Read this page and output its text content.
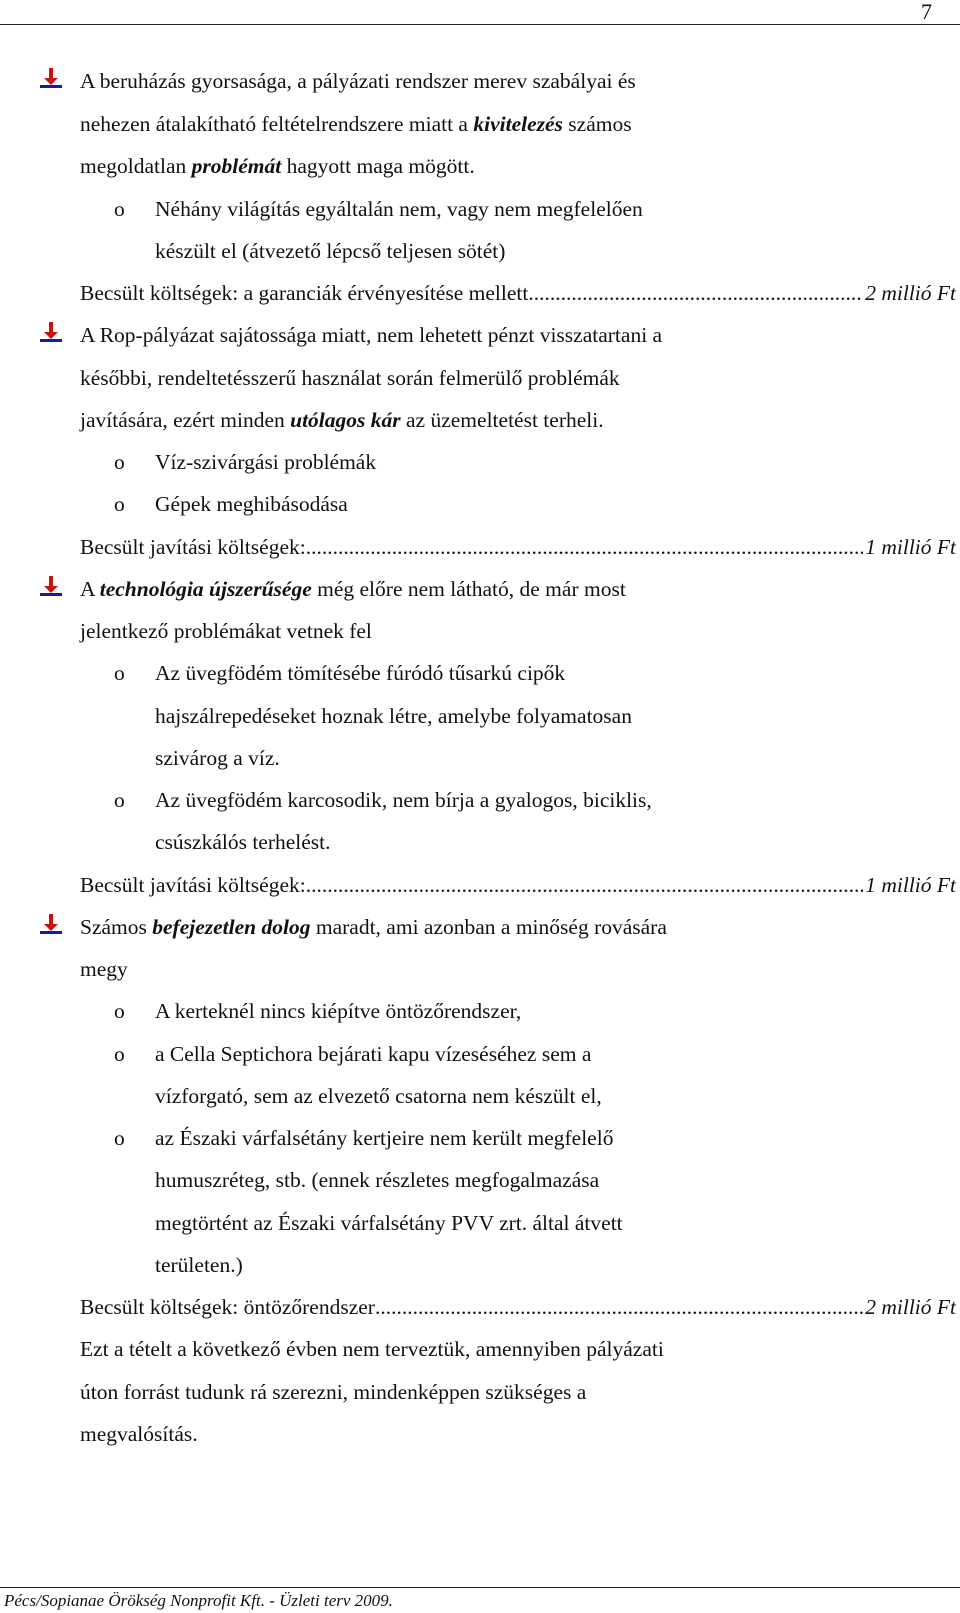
7
A beruházás gyorsasága, a pályázati rendszer merev szabályai és
nehezen átalakítható feltételrendszere miatt a kivitelezés számos
megoldatlan problémát hagyott maga mögött.
o Néhány világítás egyáltalán nem, vagy nem megfelelően
készült el (átvezető lépcső teljesen sötét)
Becsült költségek: a garanciák érvényesítése mellett .....	2 millió Ft
A Rop-pályázat sajátossága miatt, nem lehetett pénzt visszatartani a
későbbi, rendeltetésszerű használat során felmerülő problémák
javítására, ezért minden utólagos kár az üzemeltetést terheli.
o Víz-szivárgási problémák
o Gépek meghibásodása
Becsült javítási költségek: .....	1 millió Ft
A technológia újszerűsége még előre nem látható, de már most
jelentkező problémákat vetnek fel
o Az üvegfödém tömítésébe fúródó tűsarkú cipők
hajszálrepedéseket hoznak létre, amelybe folyamatosan
szivárog a víz.
o Az üvegfödém karcosodik, nem bírja a gyalogos, biciklis,
csúszkálós terhelést.
Becsült javítási költségek: .....	1 millió Ft
Számos befejezetlen dolog maradt, ami azonban a minőség rovására
megy
o A kerteknél nincs kiépítve öntözőrendszer,
o a Cella Septichora bejárati kapu vízeséséhez sem a
vízforgató, sem az elvezető csatorna nem készült el,
o az Északi várfalsétány kertjeire nem került megfelelő
humuszréteg, stb. (ennek részletes megfogalmazása
megtörtént az Északi várfalsétány PVV zrt. által átvett
területen.)
Becsült költségek: öntözőrendszer .....	2 millió Ft
Ezt a tételt a következő évben nem terveztük, amennyiben pályázati
úton forrást tudunk rá szerezni, mindenképpen szükséges a
megvalósítás.
Pécs/Sopianae Örökség Nonprofit Kft. - Üzleti terv 2009.
